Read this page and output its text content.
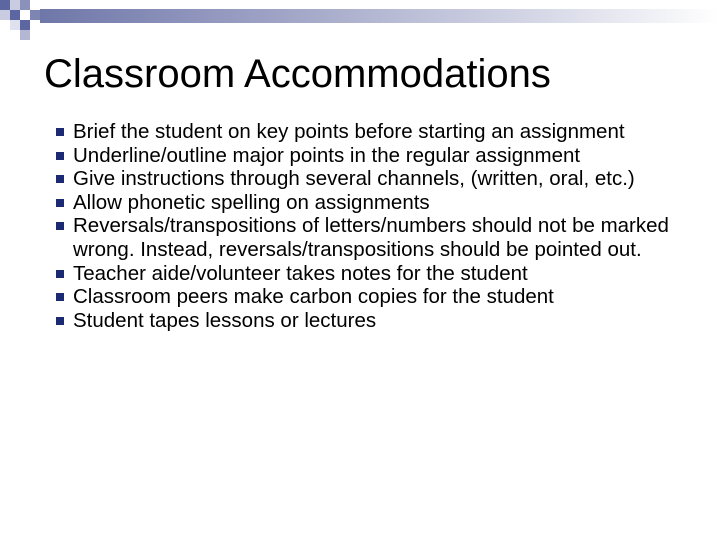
Classroom Accommodations
Brief the student on key points before starting an assignment
Underline/outline major points in the regular assignment
Give instructions through several channels, (written, oral, etc.)
Allow phonetic spelling on assignments
Reversals/transpositions of letters/numbers should not be marked wrong. Instead, reversals/transpositions should be pointed out.
Teacher aide/volunteer takes notes for the student
Classroom peers make carbon copies for the student
Student tapes lessons or lectures
